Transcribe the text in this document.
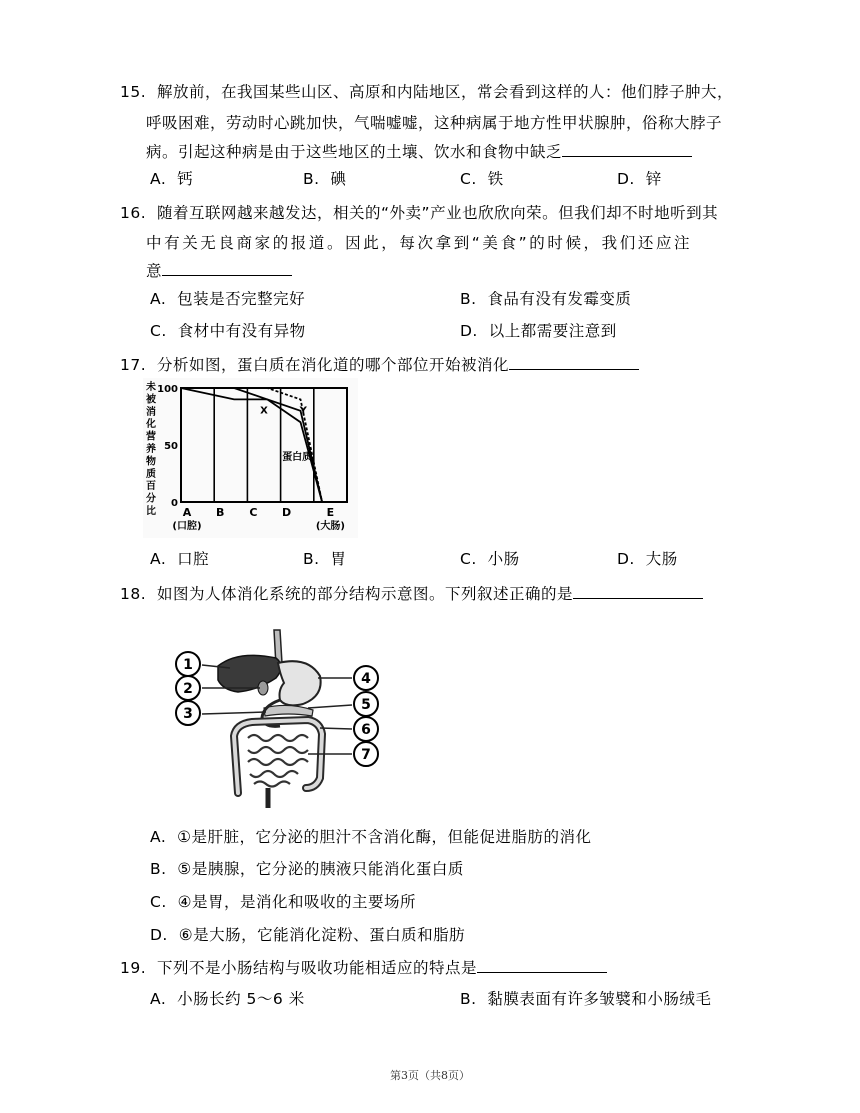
15. 解放前，在我国某些山区、高原和内陆地区，常会看到这样的人：他们脖子肿大，
呼吸困难，劳动时心跳加快，气喘嘘嘘，这种病属于地方性甲状腺肿，俗称大脖子
病。引起这种病是由于这些地区的土壤、饮水和食物中缺乏
A. 钙	B. 碘	C. 铁	D. 锌
16. 随着互联网越来越发达，相关的“外卖”产业也欣欣向荣。但我们却不时地听到其
中有关无良商家的报道。因此，每次拿到“美食”的时候，我们还应注
意
A. 包装是否完整完好	B. 食品有没有发霉变质
C. 食材中有没有异物	D. 以上都需要注意到
17. 分析如图，蛋白质在消化道的哪个部位开始被消化
未
被
消
化
营
养
物
质
百
分
比
100
50
0
X
蛋白质
Y
A
(口腔)
B C D	E
(大肠)
A. 口腔	B. 胃	C. 小肠	D. 大肠
18. 如图为人体消化系统的部分结构示意图。下列叙述正确的是
1
2
3
4
5
6
7
A. ①是肝脏，它分泌的胆汁不含消化酶，但能促进脂肪的消化
B. ⑤是胰腺，它分泌的胰液只能消化蛋白质
C. ④是胃，是消化和吸收的主要场所
D. ⑥是大肠，它能消化淀粉、蛋白质和脂肪
19. 下列不是小肠结构与吸收功能相适应的特点是
A. 小肠长约 5～6 米	B. 黏膜表面有许多皱襞和小肠绒毛
第3页（共8页）
